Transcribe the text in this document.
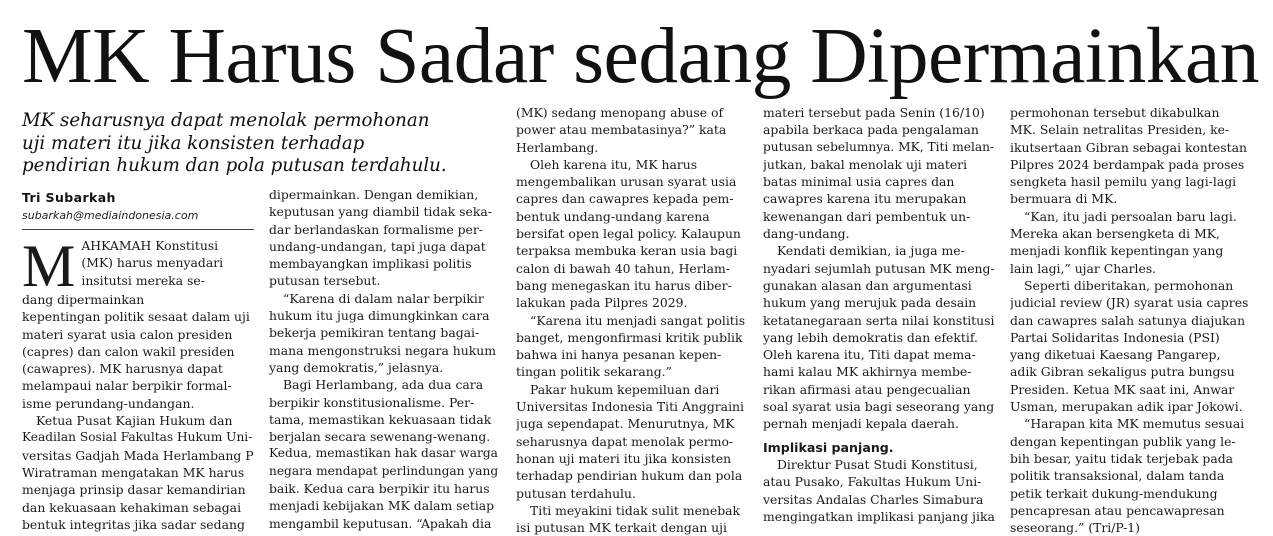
MK Harus Sadar sedang Dipermainkan
MK seharusnya dapat menolak permohonan
uji materi itu jika konsisten terhadap
pendirian hukum dan pola putusan terdahulu.
Tri Subarkah
subarkah@mediaindonesia.com
M AHKAMAH Konstitusi
(MK) harus menyadari
insitutsi mereka se-
dang dipermainkan
kepentingan politik sesaat dalam uji
materi syarat usia calon presiden
(capres) dan calon wakil presiden
(cawapres). MK harusnya dapat
melampaui nalar berpikir formal-
isme perundang-undangan.
Ketua Pusat Kajian Hukum dan
Keadilan Sosial Fakultas Hukum Uni-
versitas Gadjah Mada Herlambang P
Wiratraman mengatakan MK harus
menjaga prinsip dasar kemandirian
dan kekuasaan kehakiman sebagai
bentuk integritas jika sadar sedang
dipermainkan. Dengan demikian,
keputusan yang diambil tidak seka-
dar berlandaskan formalisme per-
undang-undangan, tapi juga dapat
membayangkan implikasi politis
putusan tersebut.
“Karena di dalam nalar berpikir
hukum itu juga dimungkinkan cara
bekerja pemikiran tentang bagai-
mana mengonstruksi negara hukum
yang demokratis,” jelasnya.
Bagi Herlambang, ada dua cara
berpikir konstitusionalisme. Per-
tama, memastikan kekuasaan tidak
berjalan secara sewenang-wenang.
Kedua, memastikan hak dasar warga
negara mendapat perlindungan yang
baik. Kedua cara berpikir itu harus
menjadi kebijakan MK dalam setiap
mengambil keputusan. “Apakah dia
(MK) sedang menopang abuse of
power atau membatasinya?” kata
Herlambang.
Oleh karena itu, MK harus
mengembalikan urusan syarat usia
capres dan cawapres kepada pem-
bentuk undang-undang karena
bersifat open legal policy. Kalaupun
terpaksa membuka keran usia bagi
calon di bawah 40 tahun, Herlam-
bang menegaskan itu harus diber-
lakukan pada Pilpres 2029.
“Karena itu menjadi sangat politis
banget, mengonfirmasi kritik publik
bahwa ini hanya pesanan kepen-
tingan politik sekarang.”
Pakar hukum kepemiluan dari
Universitas Indonesia Titi Anggraini
juga sependapat. Menurutnya, MK
seharusnya dapat menolak permo-
honan uji materi itu jika konsisten
terhadap pendirian hukum dan pola
putusan terdahulu.
Titi meyakini tidak sulit menebak
isi putusan MK terkait dengan uji
materi tersebut pada Senin (16/10)
apabila berkaca pada pengalaman
putusan sebelumnya. MK, Titi melan-
jutkan, bakal menolak uji materi
batas minimal usia capres dan
cawapres karena itu merupakan
kewenangan dari pembentuk un-
dang-undang.
Kendati demikian, ia juga me-
nyadari sejumlah putusan MK meng-
gunakan alasan dan argumentasi
hukum yang merujuk pada desain
ketatanegaraan serta nilai konstitusi
yang lebih demokratis dan efektif.
Oleh karena itu, Titi dapat mema-
hami kalau MK akhirnya membe-
rikan afirmasi atau pengecualian
soal syarat usia bagi seseorang yang
pernah menjadi kepala daerah.
Implikasi panjang.
Direktur Pusat Studi Konstitusi,
atau Pusako, Fakultas Hukum Uni-
versitas Andalas Charles Simabura
mengingatkan implikasi panjang jika
permohonan tersebut dikabulkan
MK. Selain netralitas Presiden, ke-
ikutsertaan Gibran sebagai kontestan
Pilpres 2024 berdampak pada proses
sengketa hasil pemilu yang lagi-lagi
bermuara di MK.
“Kan, itu jadi persoalan baru lagi.
Mereka akan bersengketa di MK,
menjadi konflik kepentingan yang
lain lagi,” ujar Charles.
Seperti diberitakan, permohonan
judicial review (JR) syarat usia capres
dan cawapres salah satunya diajukan
Partai Solidaritas Indonesia (PSI)
yang diketuai Kaesang Pangarep,
adik Gibran sekaligus putra bungsu
Presiden. Ketua MK saat ini, Anwar
Usman, merupakan adik ipar Jokowi.
“Harapan kita MK memutus sesuai
dengan kepentingan publik yang le-
bih besar, yaitu tidak terjebak pada
politik transaksional, dalam tanda
petik terkait dukung-mendukung
pencapresan atau pencawapresan
seseorang.” (Tri/P-1)
